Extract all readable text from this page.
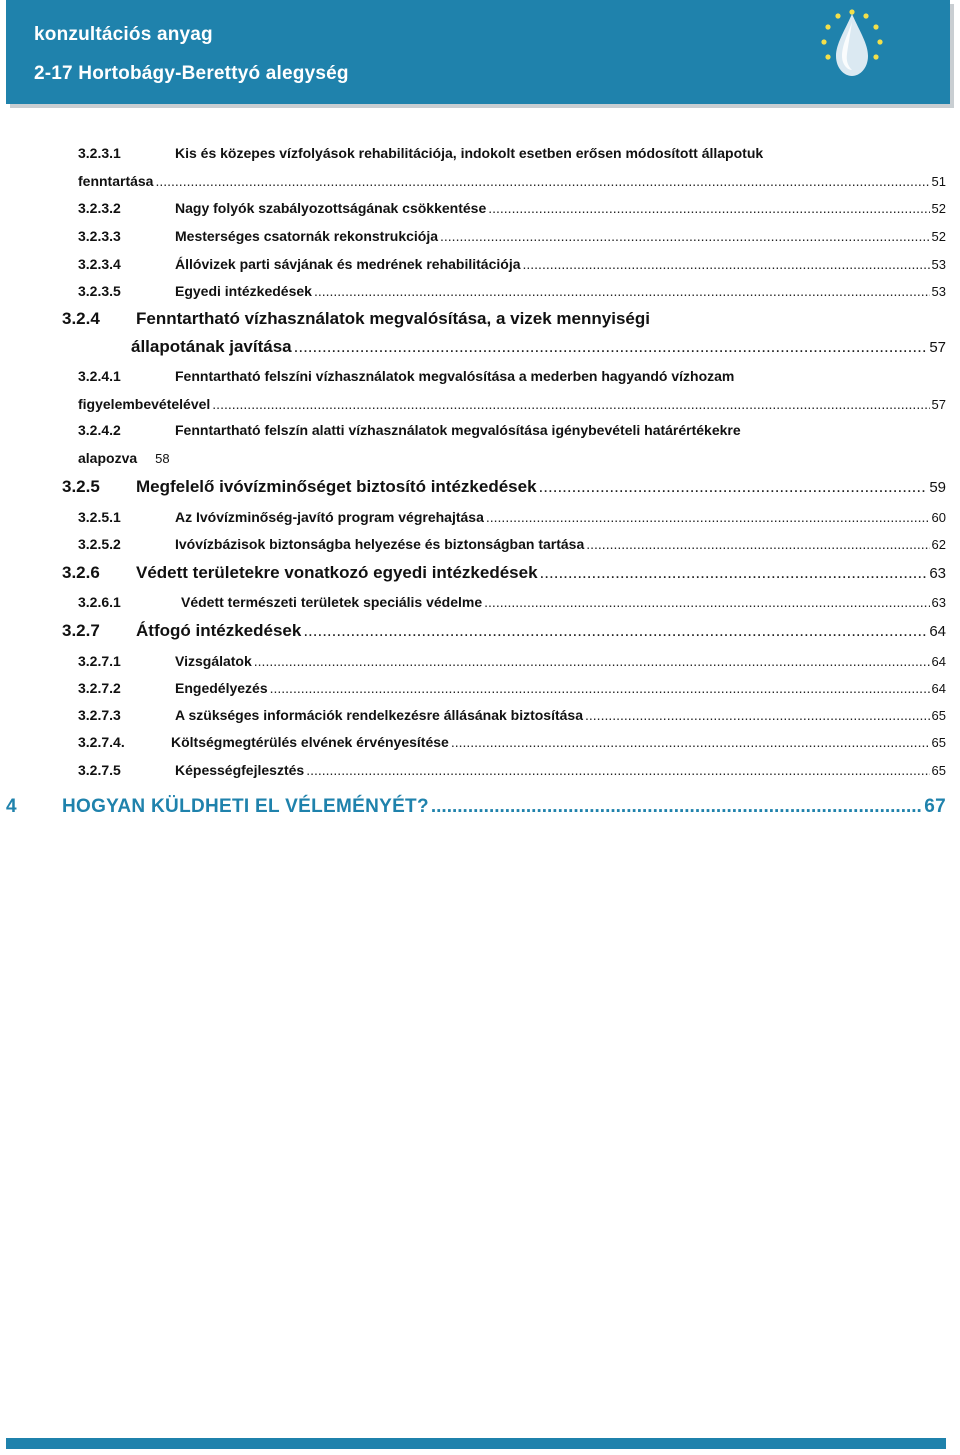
konzultációs anyag
2-17 Hortobágy-Berettyó alegység
3.2.3.1	Kis és közepes vízfolyások rehabilitációja, indokolt esetben erősen módosított állapotuk
fenntartása .....	51
3.2.3.2	Nagy folyók szabályozottságának csökkentése .....	52
3.2.3.3	Mesterséges csatornák rekonstrukciója .....	52
3.2.3.4	Állóvizek parti sávjának és medrének rehabilitációja .....	53
3.2.3.5	Egyedi intézkedések .....	53
3.2.4	Fenntartható vízhasználatok megvalósítása, a vizek mennyiségi
állapotának javítása .....	57
3.2.4.1	Fenntartható felszíni vízhasználatok megvalósítása a mederben hagyandó vízhozam
figyelembevételével .....	57
3.2.4.2	Fenntartható felszín alatti vízhasználatok megvalósítása igénybevételi határértékekre
alapozva 58
3.2.5	Megfelelő ivóvízminőséget biztosító intézkedések .....	59
3.2.5.1	Az Ivóvízminőség-javító program végrehajtása .....	60
3.2.5.2	Ivóvízbázisok biztonságba helyezése és biztonságban tartása .....	62
3.2.6	Védett területekre vonatkozó egyedi intézkedések .....	63
3.2.6.1	Védett természeti területek speciális védelme .....	63
3.2.7	Átfogó intézkedések .....	64
3.2.7.1	Vizsgálatok .....	64
3.2.7.2	Engedélyezés .....	64
3.2.7.3	A szükséges információk rendelkezésre állásának biztosítása .....	65
3.2.7.4.	Költségmegtérülés elvének érvényesítése .....	65
3.2.7.5	Képességfejlesztés .....	65
4	HOGYAN KÜLDHETI EL VÉLEMÉNYÉT? .....	67
